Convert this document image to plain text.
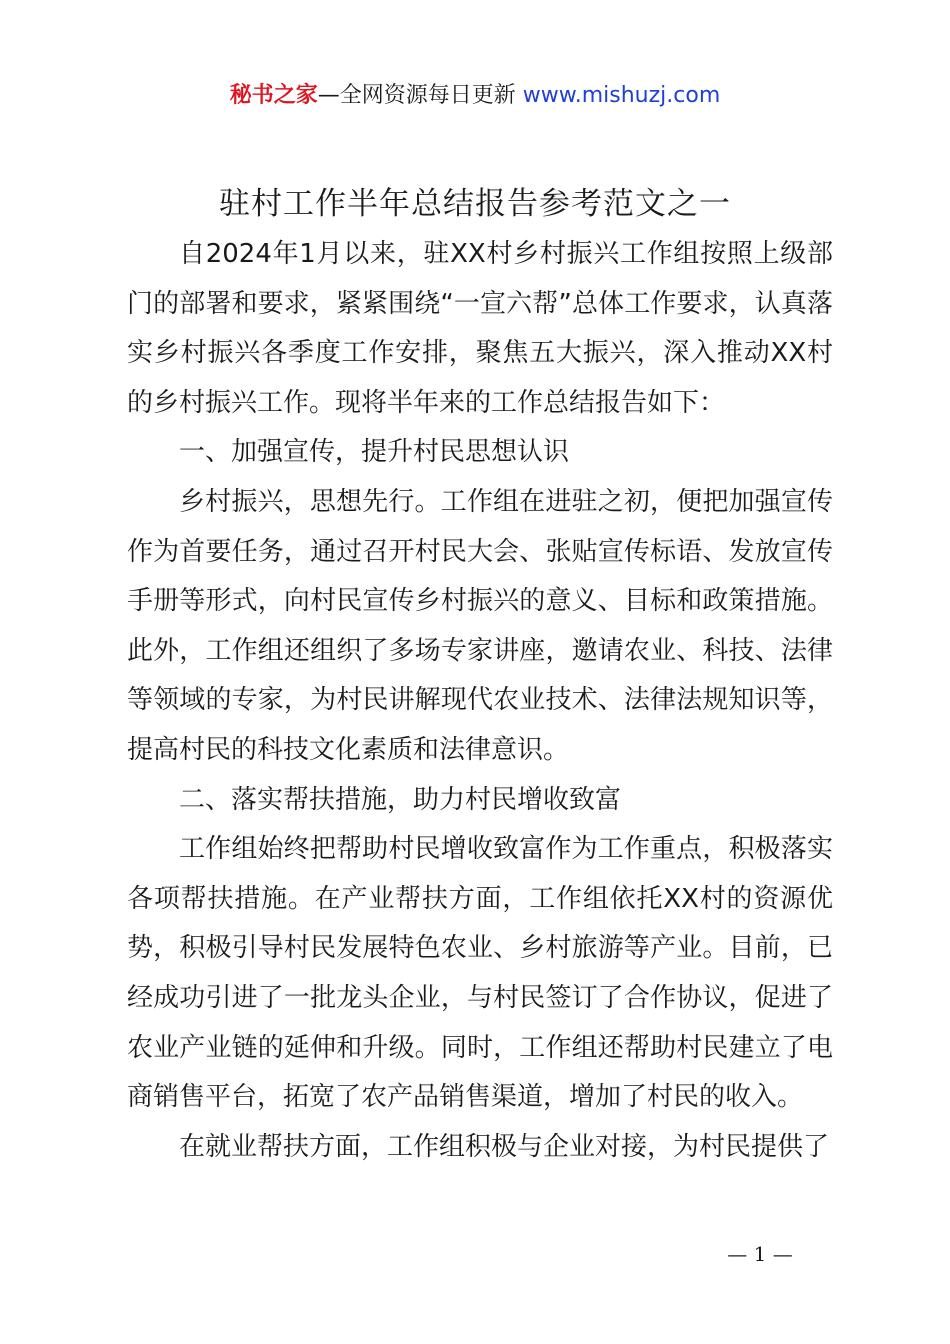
秘书之家—全网资源每日更新 www.mishuzj.com
驻村工作半年总结报告参考范文之一

自2024年1月以来，驻XX村乡村振兴工作组按照上级部门的部署和要求，紧紧围绕“一宣六帮”总体工作要求，认真落实乡村振兴各季度工作安排，聚焦五大振兴，深入推动XX村的乡村振兴工作。现将半年来的工作总结报告如下：

一、加强宣传，提升村民思想认识

乡村振兴，思想先行。工作组在进驻之初，便把加强宣传作为首要任务，通过召开村民大会、张贴宣传标语、发放宣传手册等形式，向村民宣传乡村振兴的意义、目标和政策措施。此外，工作组还组织了多场专家讲座，邀请农业、科技、法律等领域的专家，为村民讲解现代农业技术、法律法规知识等，提高村民的科技文化素质和法律意识。

二、落实帮扶措施，助力村民增收致富

工作组始终把帮助村民增收致富作为工作重点，积极落实各项帮扶措施。在产业帮扶方面，工作组依托XX村的资源优势，积极引导村民发展特色农业、乡村旅游等产业。目前，已经成功引进了一批龙头企业，与村民签订了合作协议，促进了农业产业链的延伸和升级。同时，工作组还帮助村民建立了电商销售平台，拓宽了农产品销售渠道，增加了村民的收入。

在就业帮扶方面，工作组积极与企业对接，为村民提供了

— 1 —
